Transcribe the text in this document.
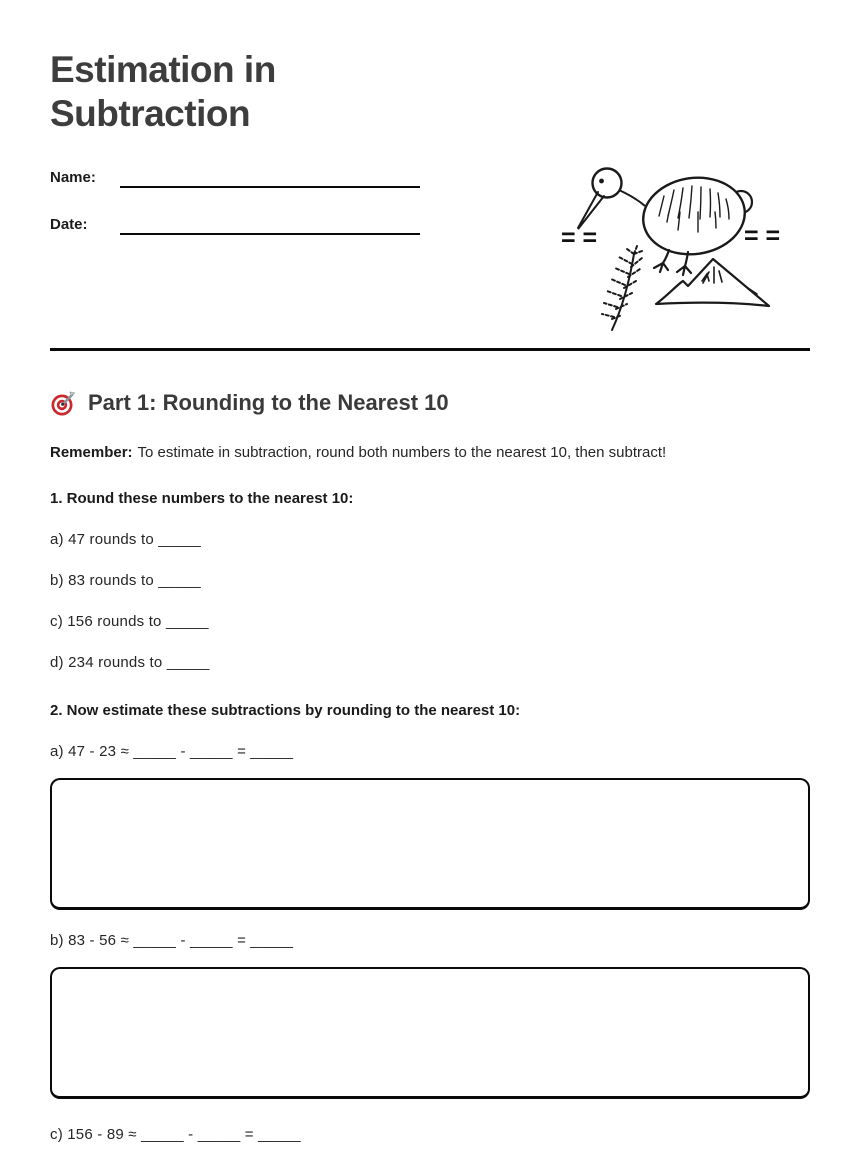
Estimation in Subtraction
Name:
Date:	= =	= =
Part 1: Rounding to the Nearest 10

Remember: To estimate in subtraction, round both numbers to the nearest 10, then subtract!

1. Round these numbers to the nearest 10:

a) 47 rounds to _____

b) 83 rounds to _____

c) 156 rounds to _____

d) 234 rounds to _____

2. Now estimate these subtractions by rounding to the nearest 10:

a) 47 - 23 ≈ _____ - _____ = _____

b) 83 - 56 ≈ _____ - _____ = _____

c) 156 - 89 ≈ _____ - _____ = _____
